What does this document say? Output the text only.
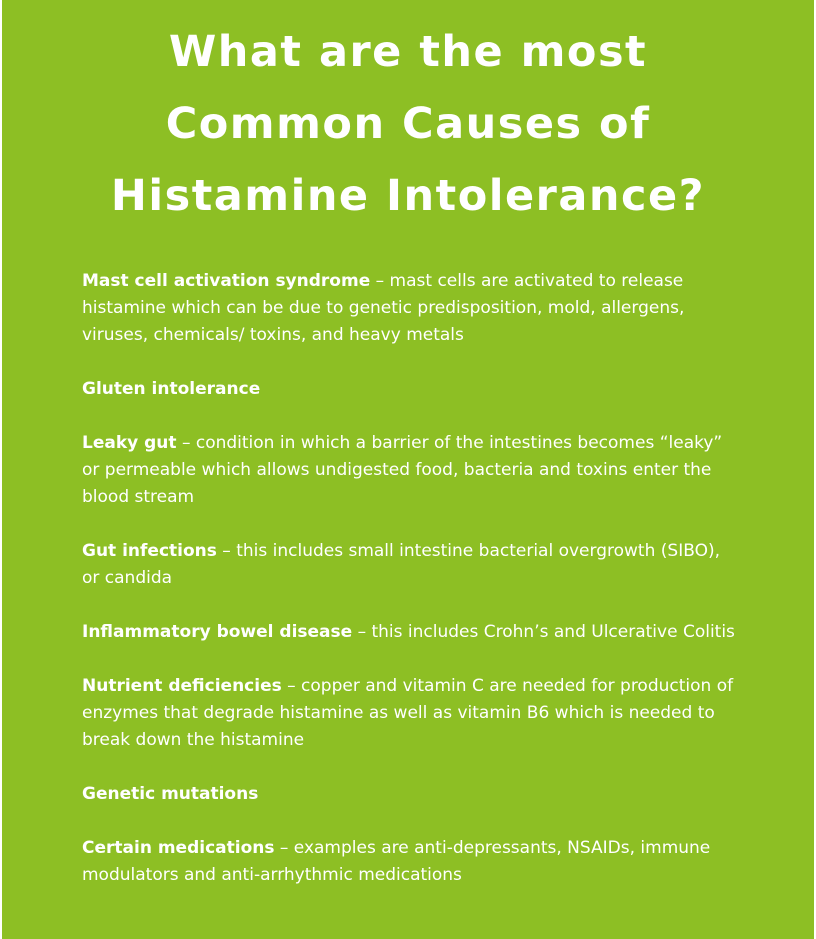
What are the most
Common Causes of
Histamine Intolerance?
Mast cell activation syndrome – mast cells are activated to release histamine which can be due to genetic predisposition, mold, allergens, viruses, chemicals/ toxins, and heavy metals
Gluten intolerance
Leaky gut – condition in which a barrier of the intestines becomes “leaky” or permeable which allows undigested food, bacteria and toxins enter the blood stream
Gut infections – this includes small intestine bacterial overgrowth (SIBO), or candida
Inflammatory bowel disease – this includes Crohn’s and Ulcerative Colitis
Nutrient deficiencies – copper and vitamin C are needed for production of enzymes that degrade histamine as well as vitamin B6 which is needed to break down the histamine
Genetic mutations
Certain medications – examples are anti-depressants, NSAIDs, immune modulators and anti-arrhythmic medications
